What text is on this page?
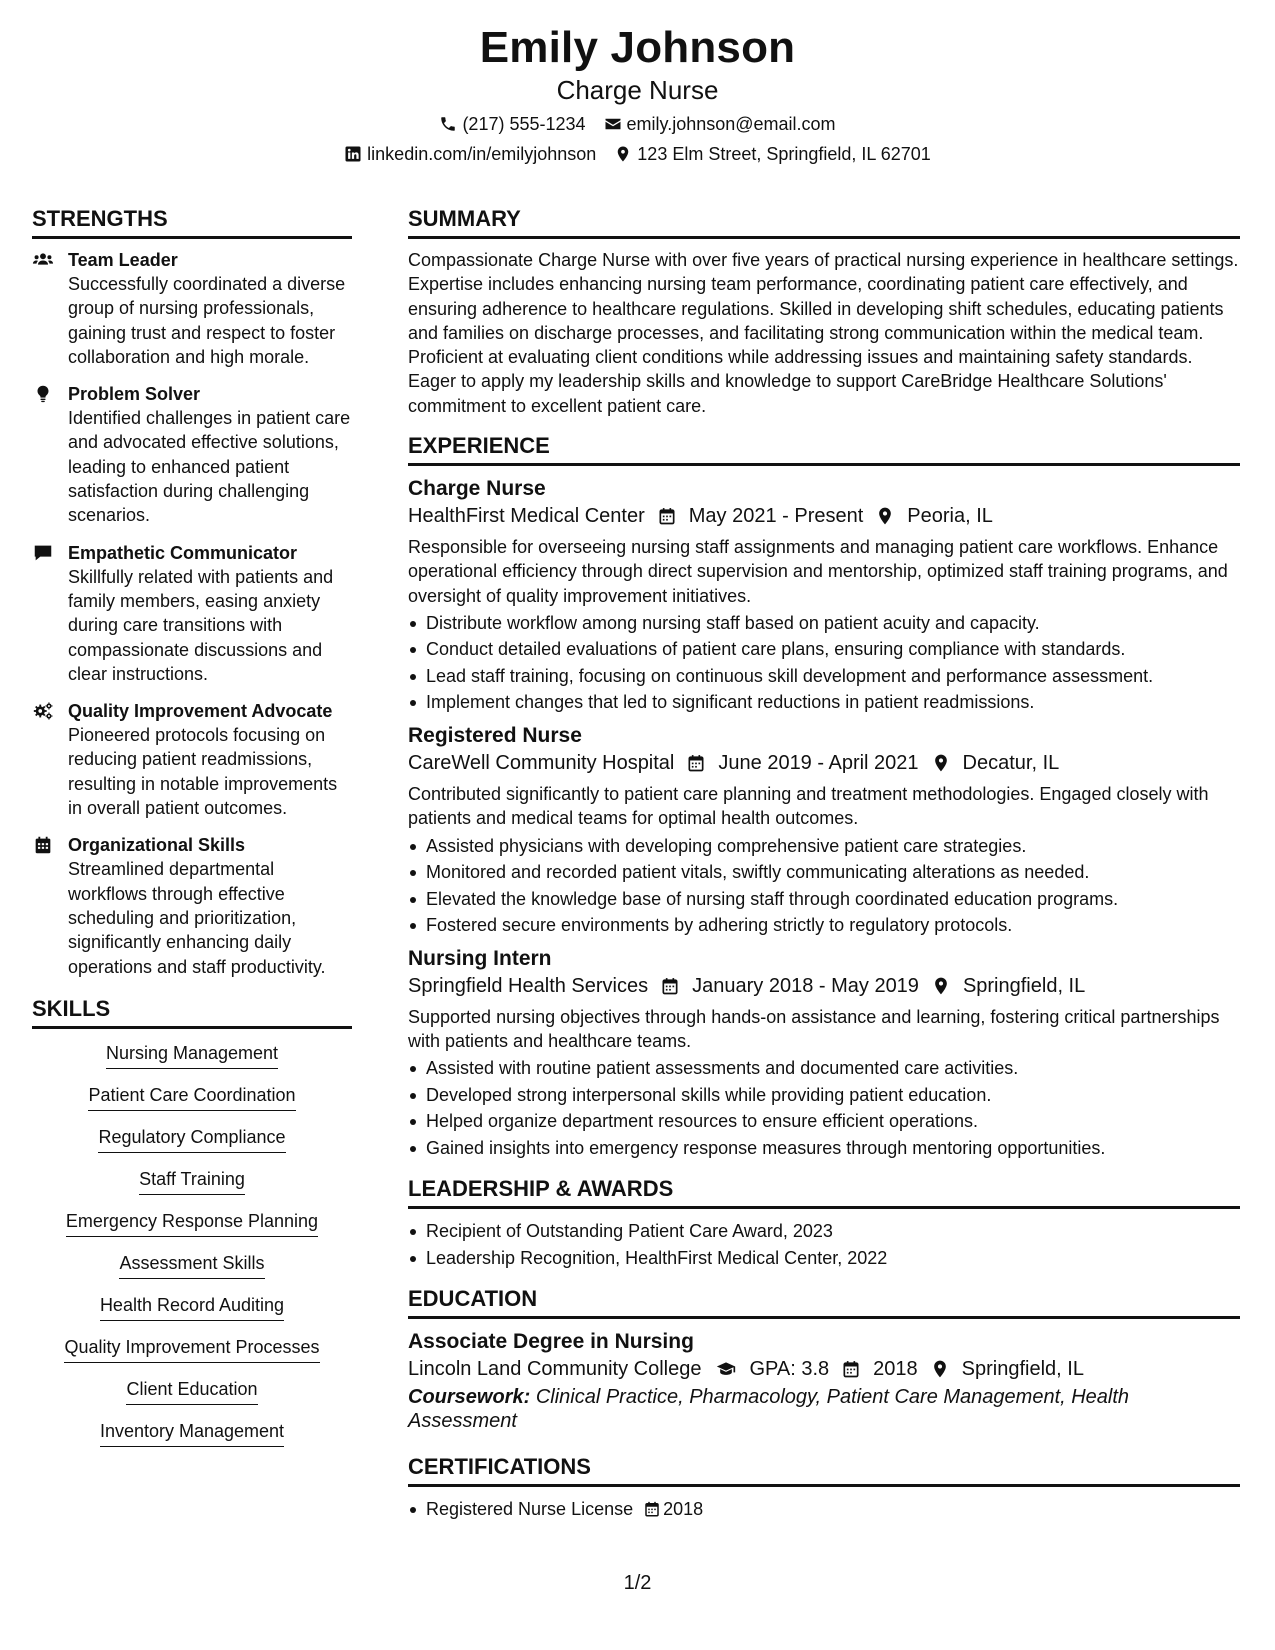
Emily Johnson
Charge Nurse
(217) 555-1234 emily.johnson@email.com
linkedin.com/in/emilyjohnson 123 Elm Street, Springfield, IL 62701
STRENGTHS
Team Leader
Successfully coordinated a diverse group of nursing professionals, gaining trust and respect to foster collaboration and high morale.
Problem Solver
Identified challenges in patient care and advocated effective solutions, leading to enhanced patient satisfaction during challenging scenarios.
Empathetic Communicator
Skillfully related with patients and family members, easing anxiety during care transitions with compassionate discussions and clear instructions.
Quality Improvement Advocate
Pioneered protocols focusing on reducing patient readmissions, resulting in notable improvements in overall patient outcomes.
Organizational Skills
Streamlined departmental workflows through effective scheduling and prioritization, significantly enhancing daily operations and staff productivity.
SKILLS
Nursing Management
Patient Care Coordination
Regulatory Compliance
Staff Training
Emergency Response Planning
Assessment Skills
Health Record Auditing
Quality Improvement Processes
Client Education
Inventory Management
SUMMARY
Compassionate Charge Nurse with over five years of practical nursing experience in healthcare settings. Expertise includes enhancing nursing team performance, coordinating patient care effectively, and ensuring adherence to healthcare regulations. Skilled in developing shift schedules, educating patients and families on discharge processes, and facilitating strong communication within the medical team. Proficient at evaluating client conditions while addressing issues and maintaining safety standards. Eager to apply my leadership skills and knowledge to support CareBridge Healthcare Solutions' commitment to excellent patient care.
EXPERIENCE
Charge Nurse
HealthFirst Medical Center May 2021 - Present Peoria, IL
Responsible for overseeing nursing staff assignments and managing patient care workflows. Enhance operational efficiency through direct supervision and mentorship, optimized staff training programs, and oversight of quality improvement initiatives.
Distribute workflow among nursing staff based on patient acuity and capacity.
Conduct detailed evaluations of patient care plans, ensuring compliance with standards.
Lead staff training, focusing on continuous skill development and performance assessment.
Implement changes that led to significant reductions in patient readmissions.
Registered Nurse
CareWell Community Hospital June 2019 - April 2021 Decatur, IL
Contributed significantly to patient care planning and treatment methodologies. Engaged closely with patients and medical teams for optimal health outcomes.
Assisted physicians with developing comprehensive patient care strategies.
Monitored and recorded patient vitals, swiftly communicating alterations as needed.
Elevated the knowledge base of nursing staff through coordinated education programs.
Fostered secure environments by adhering strictly to regulatory protocols.
Nursing Intern
Springfield Health Services January 2018 - May 2019 Springfield, IL
Supported nursing objectives through hands-on assistance and learning, fostering critical partnerships with patients and healthcare teams.
Assisted with routine patient assessments and documented care activities.
Developed strong interpersonal skills while providing patient education.
Helped organize department resources to ensure efficient operations.
Gained insights into emergency response measures through mentoring opportunities.
LEADERSHIP & AWARDS
Recipient of Outstanding Patient Care Award, 2023
Leadership Recognition, HealthFirst Medical Center, 2022
EDUCATION
Associate Degree in Nursing
Lincoln Land Community College GPA: 3.8 2018 Springfield, IL
Coursework: Clinical Practice, Pharmacology, Patient Care Management, Health Assessment
CERTIFICATIONS
Registered Nurse License 2018
1/2
